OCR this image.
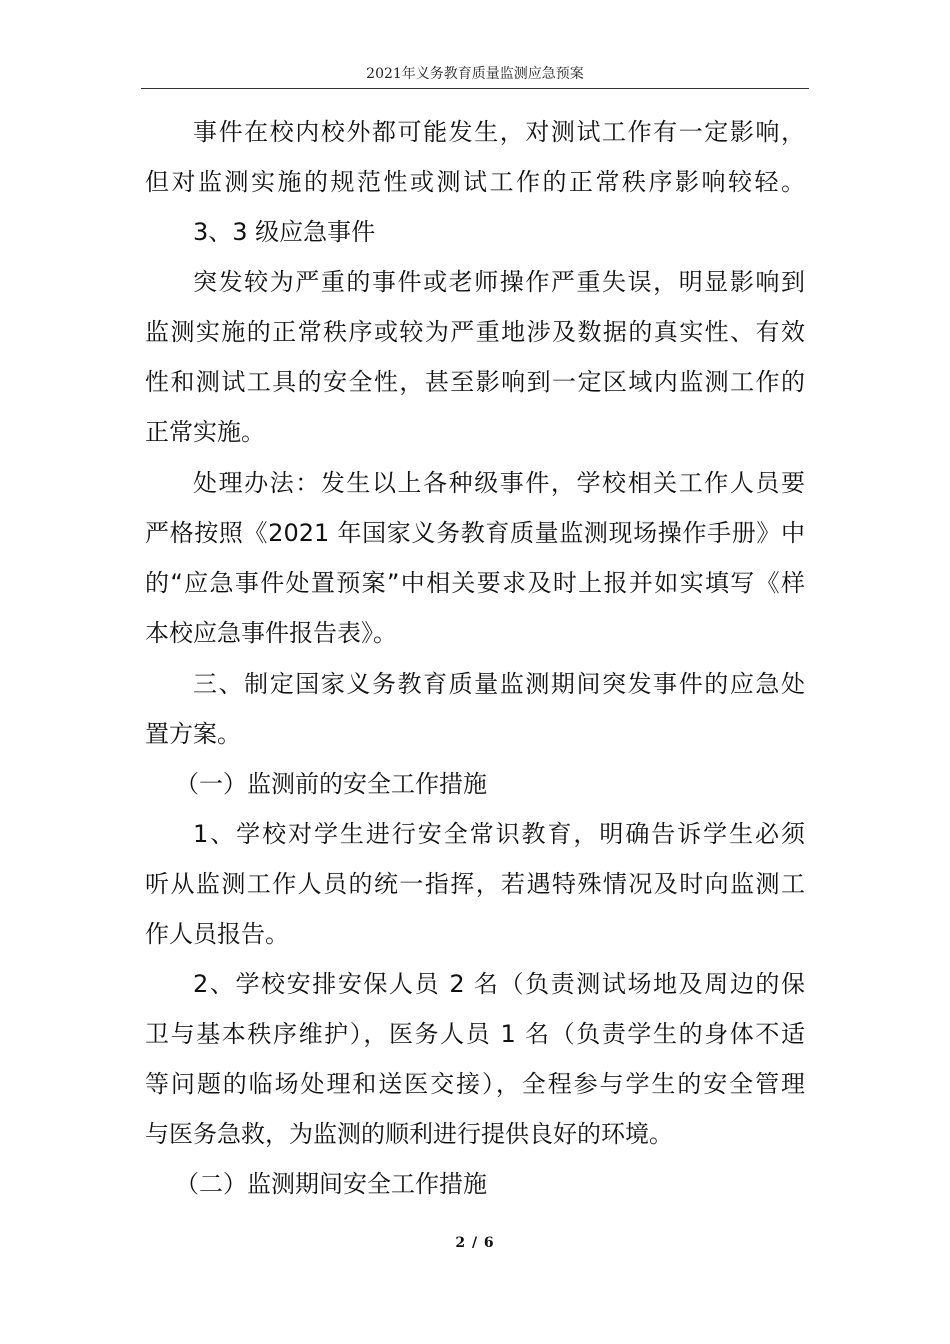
2021年义务教育质量监测应急预案
事件在校内校外都可能发生，对测试工作有一定影响，
但对监测实施的规范性或测试工作的正常秩序影响较轻。
3、3 级应急事件
突发较为严重的事件或老师操作严重失误，明显影响到
监测实施的正常秩序或较为严重地涉及数据的真实性、有效
性和测试工具的安全性，甚至影响到一定区域内监测工作的
正常实施。
处理办法：发生以上各种级事件，学校相关工作人员要
严格按照《2021 年国家义务教育质量监测现场操作手册》中
的“应急事件处置预案”中相关要求及时上报并如实填写《样
本校应急事件报告表》。
三、制定国家义务教育质量监测期间突发事件的应急处
置方案。
（一）监测前的安全工作措施
1、学校对学生进行安全常识教育，明确告诉学生必须
听从监测工作人员的统一指挥，若遇特殊情况及时向监测工
作人员报告。
2、学校安排安保人员 2 名（负责测试场地及周边的保
卫与基本秩序维护），医务人员 1 名（负责学生的身体不适
等问题的临场处理和送医交接），全程参与学生的安全管理
与医务急救，为监测的顺利进行提供良好的环境。
（二）监测期间安全工作措施
2 / 6
